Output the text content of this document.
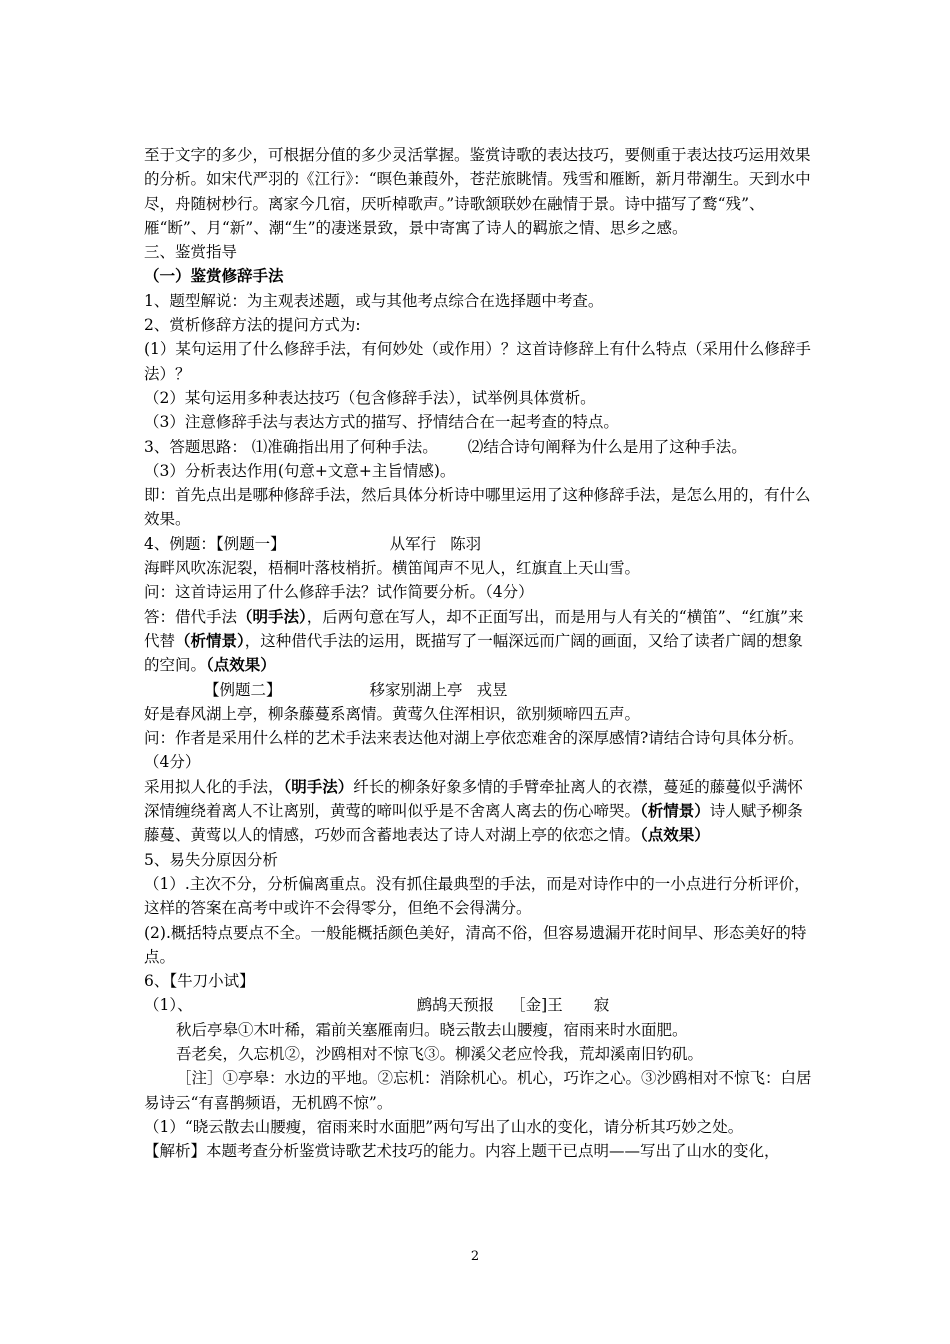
至于文字的多少，可根据分值的多少灵活掌握。鉴赏诗歌的表达技巧，要侧重于表达技巧运用效果的分析。如宋代严羽的《江行》：“暝色兼葭外，苍茫旅眺情。残雪和雁断，新月带潮生。天到水中尽，舟随树杪行。离家今几宿，厌听棹歌声。”诗歌颔联妙在融情于景。诗中描写了鹜“残”、雁“断”、月“新”、潮“生”的凄迷景致，景中寄寓了诗人的羁旅之情、思乡之感。

三、鉴赏指导

（一）鉴赏修辞手法

1、题型解说：为主观表述题，或与其他考点综合在选择题中考查。

2、赏析修辞方法的提问方式为:

(1）某句运用了什么修辞手法，有何妙处（或作用）？这首诗修辞上有什么特点（采用什么修辞手法）？

（2）某句运用多种表达技巧（包含修辞手法），试举例具体赏析。

（3）注意修辞手法与表达方式的描写、抒情结合在一起考查的特点。

3、答题思路： ⑴准确指出用了何种手法。 ⑵结合诗句阐释为什么是用了这种手法。

（3）分析表达作用(句意+文意+主旨情感)。

即：首先点出是哪种修辞手法，然后具体分析诗中哪里运用了这种修辞手法，是怎么用的，有什么效果。

4、例题：【例题一】	从军行 陈羽

海畔风吹冻泥裂，梧桐叶落枝梢折。横笛闻声不见人，红旗直上天山雪。

问：这首诗运用了什么修辞手法？试作简要分析。（4分）

答：借代手法（明手法），后两句意在写人，却不正面写出，而是用与人有关的“横笛”、“红旗”来代替（析情景），这种借代手法的运用，既描写了一幅深远而广阔的画面，又给了读者广阔的想象的空间。（点效果）

【例题二】	移家别湖上亭 戎昱

好是春风湖上亭，柳条藤蔓系离情。黄莺久住浑相识，欲别频啼四五声。

问：作者是采用什么样的艺术手法来表达他对湖上亭依恋难舍的深厚感情?请结合诗句具体分析。（4分）

采用拟人化的手法，（明手法）纤长的柳条好象多情的手臂牵扯离人的衣襟，蔓延的藤蔓似乎满怀深情缠绕着离人不让离别，黄莺的啼叫似乎是不舍离人离去的伤心啼哭。（析情景）诗人赋予柳条藤蔓、黄莺以人的情感，巧妙而含蓄地表达了诗人对湖上亭的依恋之情。（点效果）

5、易失分原因分析

（1）.主次不分，分析偏离重点。没有抓住最典型的手法，而是对诗作中的一小点进行分析评价，这样的答案在高考中或许不会得零分，但绝不会得满分。

(2).概括特点要点不全。一般能概括颜色美好，清高不俗，但容易遗漏开花时间早、形态美好的特点。

6、【牛刀小试】

（1）、	鹧鸪天预报 ［金]王　　寂

秋后亭皋①木叶稀，霜前关塞雁南归。晓云散去山腰瘦，宿雨来时水面肥。

吾老矣，久忘机②，沙鸥相对不惊飞③。柳溪父老应怜我，荒却溪南旧钓矶。

［注］①亭皋：水边的平地。②忘机：消除机心。机心，巧诈之心。③沙鸥相对不惊飞：白居易诗云“有喜鹊频语，无机鸥不惊”。

（1）“晓云散去山腰瘦，宿雨来时水面肥”两句写出了山水的变化，请分析其巧妙之处。

【解析】本题考查分析鉴赏诗歌艺术技巧的能力。内容上题干已点明——写出了山水的变化，

2
